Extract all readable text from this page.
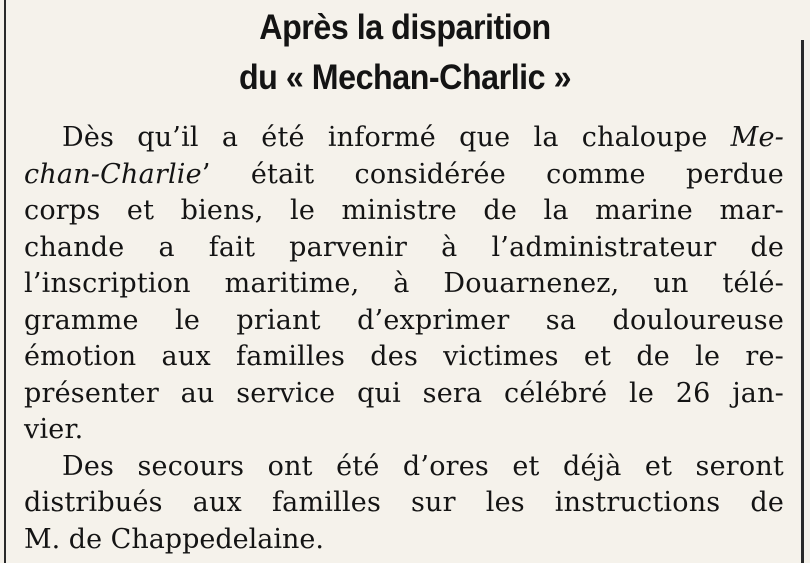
Après la disparition
du « Mechan-Charlic »
Dès qu’il a été informé que la chaloupe Me-
chan-Charlie’ était considérée comme perdue
corps et biens, le ministre de la marine mar-
chande a fait parvenir à l’administrateur de
l’inscription maritime, à Douarnenez, un télé-
gramme le priant d’exprimer sa douloureuse
émotion aux familles des victimes et de le re-
présenter au service qui sera célébré le 26 jan-
vier.
Des secours ont été d’ores et déjà et seront
distribués aux familles sur les instructions de
M. de Chappedelaine.
